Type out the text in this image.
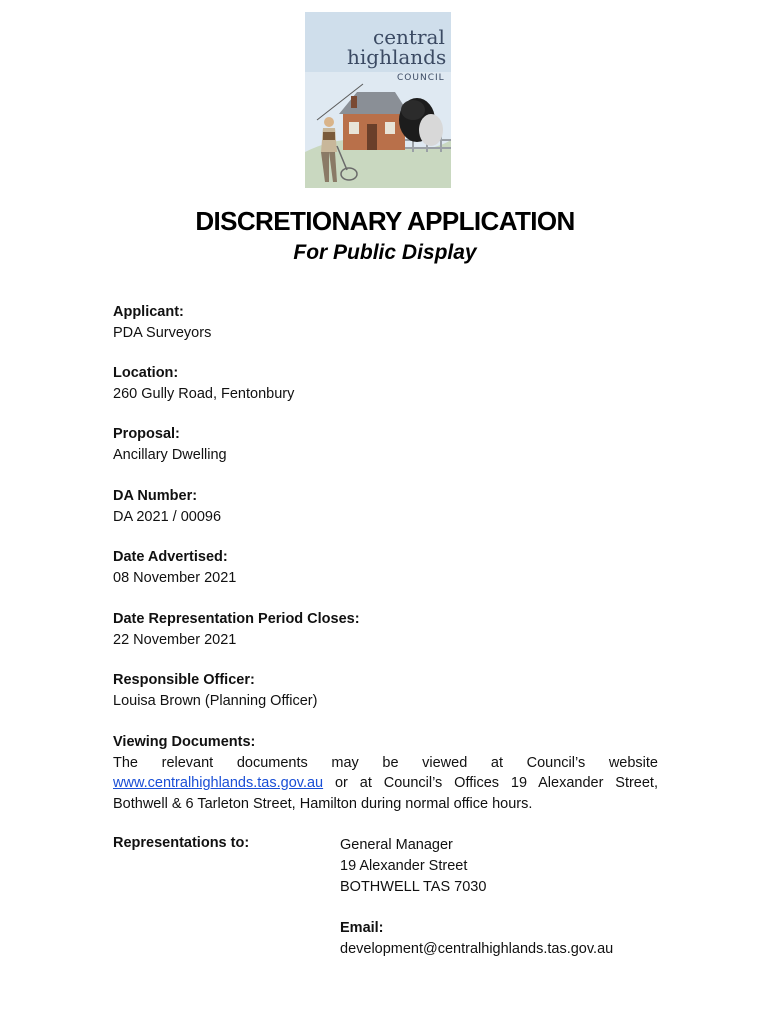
central
highlands
COUNCIL
DISCRETIONARY APPLICATION
For Public Display
Applicant:
PDA Surveyors
Location:
260 Gully Road, Fentonbury
Proposal:
Ancillary Dwelling
DA Number:
DA 2021 / 00096
Date Advertised:
08 November 2021
Date Representation Period Closes:
22 November 2021
Responsible Officer:
Louisa Brown (Planning Officer)
Viewing Documents:
The relevant documents may be viewed at Council’s website
www.centralhighlands.tas.gov.au or at Council’s Offices 19 Alexander Street,
Bothwell & 6 Tarleton Street, Hamilton during normal office hours.
Representations to:	General Manager
19 Alexander Street
BOTHWELL TAS 7030
Email:
development@centralhighlands.tas.gov.au
